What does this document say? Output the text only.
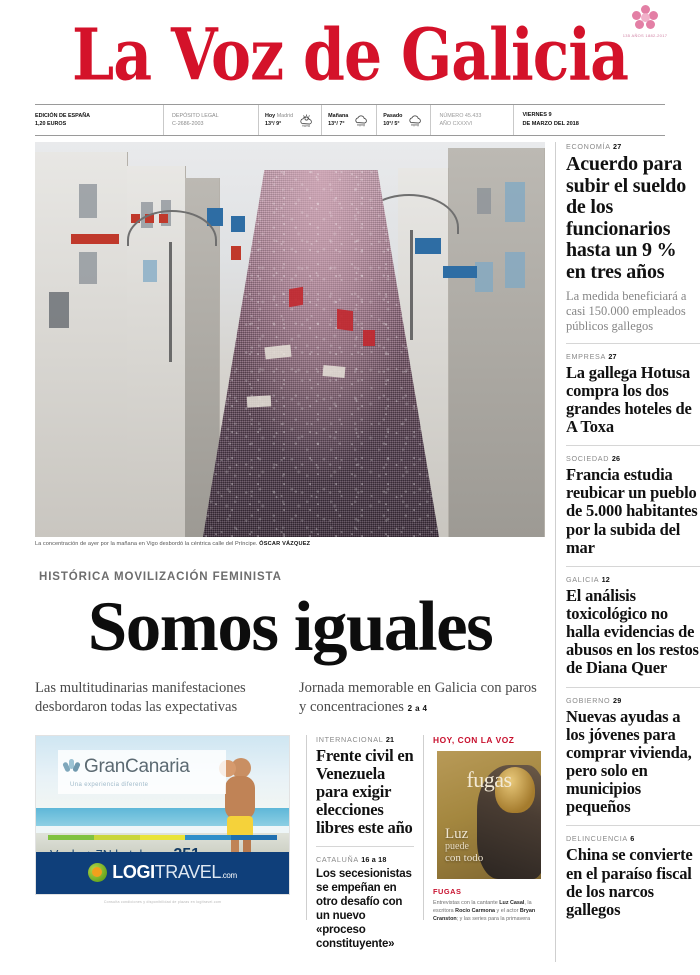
La Voz de Galicia
135 AÑOS 1882-2017
EDICIÓN DE ESPAÑA
1,20 EUROS
DEPÓSITO LEGAL
C-2686-2003
Hoy Madrid
13°/ 9°
Mañana
13°/ 7°
Pasado
10°/ 5°
NÚMERO 45.433
AÑO CXXXVI
VIERNES 9
DE MARZO DEL 2018
La concentración de ayer por la mañana en Vigo desbordó la céntrica calle del Príncipe. ÓSCAR VÁZQUEZ
HISTÓRICA MOVILIZACIÓN FEMINISTA
Somos iguales
Las multitudinarias manifestaciones desbordaron todas las expectativas
Jornada memorable en Galicia con paros y concentraciones 2 a 4
GranCanaria
Una experiencia diferente
LOGITRAVEL.com
Consulta condiciones y disponibilidad de plazas en logitravel.com
INTERNACIONAL 21
Frente civil en Venezuela para exigir elecciones libres este año
CATALUÑA 16 a 18
Los secesionistas se empeñan en otro desafío con un nuevo «proceso constituyente»
HOY, CON LA VOZ
fugas
Luz
puede
con todo
FUGAS
Entrevistas con la cantante Luz Casal, la escritora Rocío Carmona y el actor Bryan Cranston; y las series para la primavera
ECONOMÍA 27
Acuerdo para subir el sueldo de los funcionarios hasta un 9 % en tres años
La medida beneficiará a casi 150.000 empleados públicos gallegos
EMPRESA 27
La gallega Hotusa compra los dos grandes hoteles de A Toxa
SOCIEDAD 26
Francia estudia reubicar un pueblo de 5.000 habitantes por la subida del mar
GALICIA 12
El análisis toxicológico no halla evidencias de abusos en los restos de Diana Quer
GOBIERNO 29
Nuevas ayudas a los jóvenes para comprar vivienda, pero solo en municipios pequeños
DELINCUENCIA 6
China se convierte en el paraíso fiscal de los narcos gallegos
